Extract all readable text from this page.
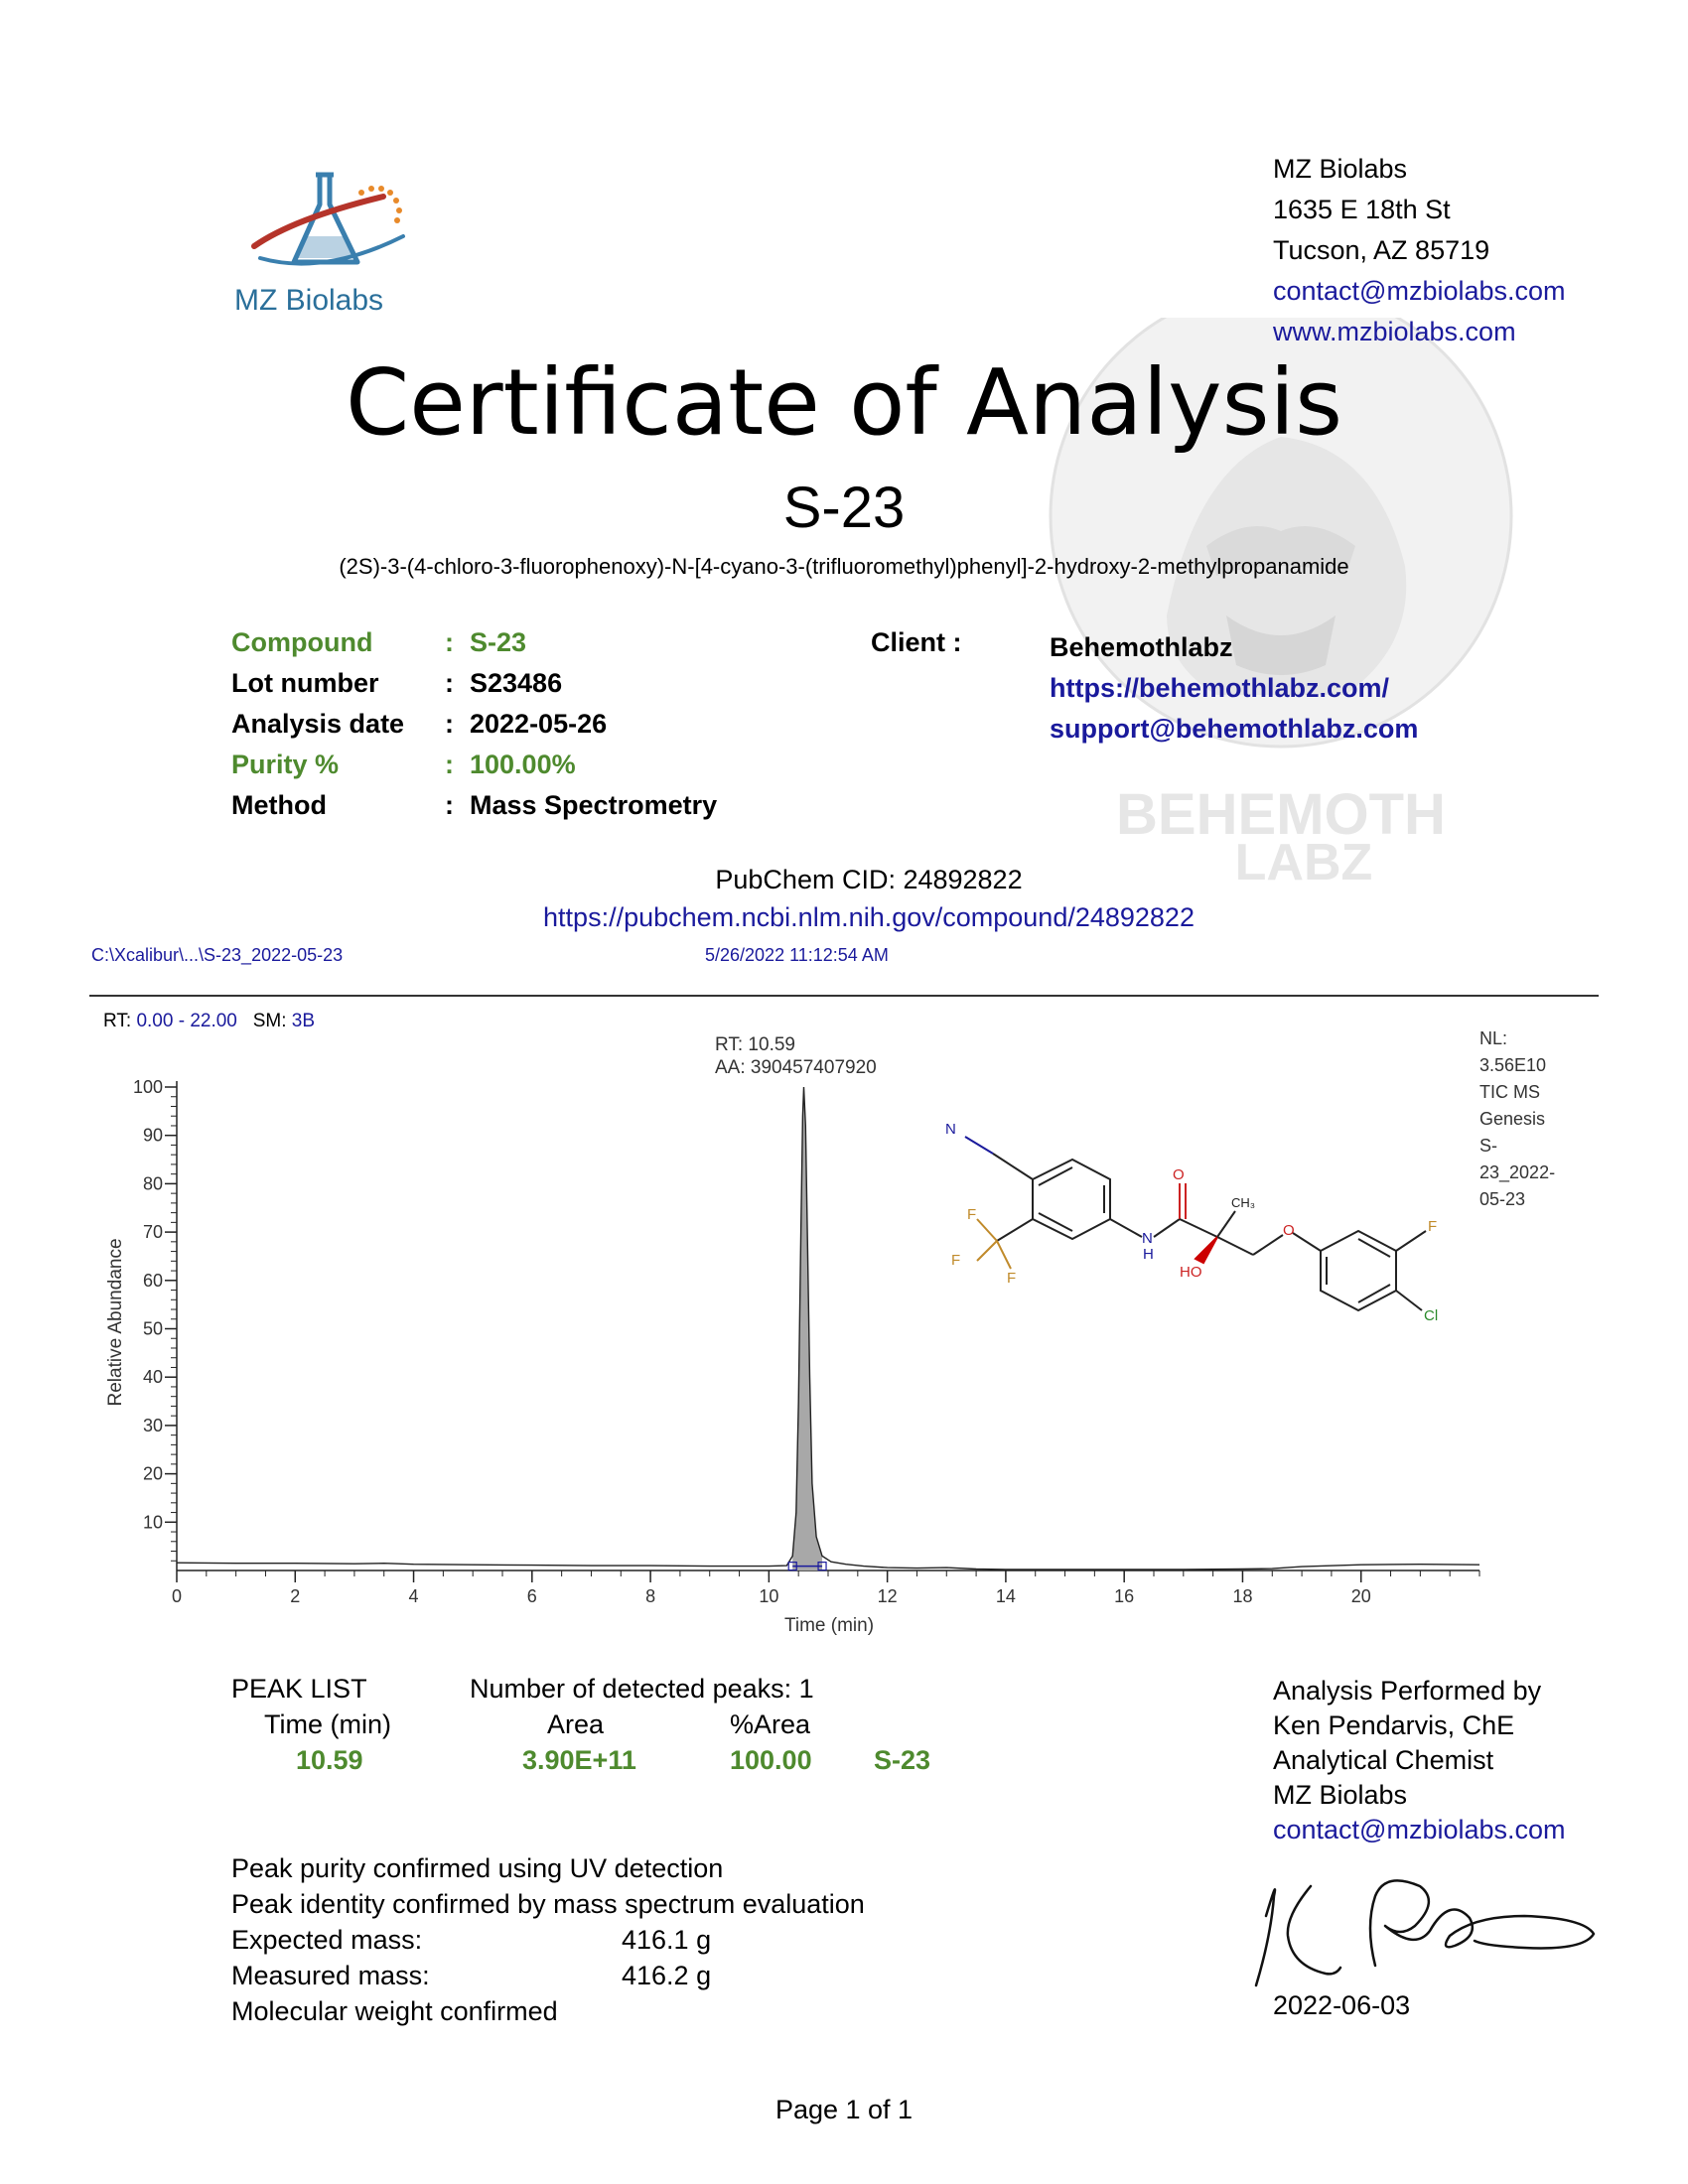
BEHEMOTH
LABZ
MZ Biolabs
MZ Biolabs
1635 E 18th St
Tucson, AZ 85719
contact@mzbiolabs.com
www.mzbiolabs.com
Certificate of Analysis
S-23
(2S)-3-(4-chloro-3-fluorophenoxy)-N-[4-cyano-3-(trifluoromethyl)phenyl]-2-hydroxy-2-methylpropanamide
Compound	: S-23
Lot number : S23486
Analysis date : 2022-05-26
Purity %	: 100.00%
Method	: Mass Spectrometry
Client :	Behemothlabz
https://behemothlabz.com/
support@behemothlabz.com
PubChem CID: 24892822
https://pubchem.ncbi.nlm.nih.gov/compound/24892822
C:\Xcalibur\...\S-23_2022-05-23	5/26/2022 11:12:54 AM
RT: 0.00 - 22.00 SM: 3B
0	2	4	6	8	10	12	14	16	18	20
10
20
30
40
50
60
70
80
90
100
RT: 10.59
AA: 390457407920
NL:
3.56E10
TIC MS
Genesis
S-
23_2022-
05-23
Time (min)
Relative Abundance
N
O
CH₃
N
H
HO
O	F
Cl
F
F
F
PEAK LIST	Number of detected peaks: 1
Time (min)	Area	%Area
10.59	3.90E+11	100.00 S-23
Peak purity confirmed using UV detection
Peak identity confirmed by mass spectrum evaluation
Expected mass:	416.1 g
Measured mass:	416.2 g
Molecular weight confirmed
Analysis Performed by
Ken Pendarvis, ChE
Analytical Chemist
MZ Biolabs
contact@mzbiolabs.com
2022-06-03
Page 1 of 1
